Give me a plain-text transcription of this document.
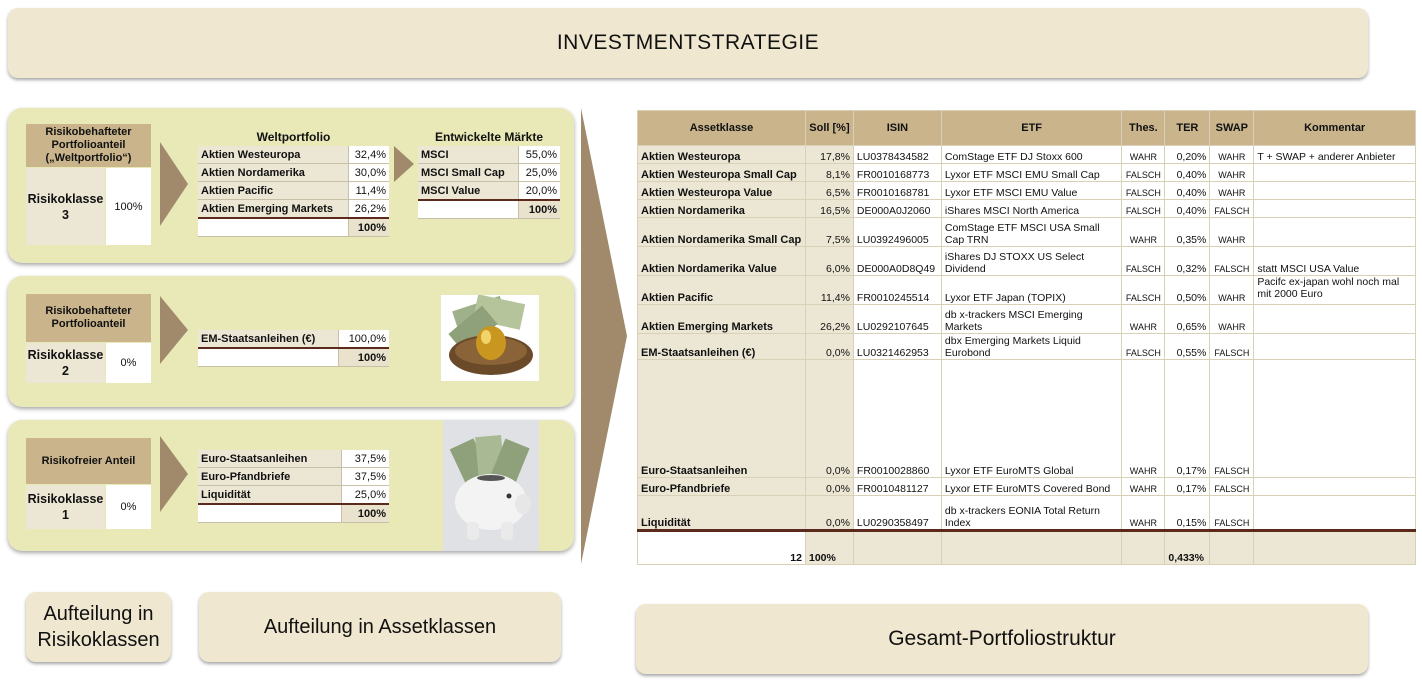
INVESTMENTSTRATEGIE
Risikobehafteter Portfolioanteil („Weltportfolio“)
Risikoklasse 3
100%
Weltportfolio
Aktien Westeuropa	32,4%
Aktien Nordamerika	30,0%
Aktien Pacific	11,4%
Aktien Emerging Markets	26,2%
	100%
Entwickelte Märkte
MSCI	55,0%
MSCI Small Cap	25,0%
MSCI Value	20,0%
	100%
Risikobehafteter Portfolioanteil
Risikoklasse 2
0%
EM-Staatsanleihen (€)	100,0%
	100%
Risikofreier Anteil
Risikoklasse 1
0%
Euro-Staatsanleihen	37,5%
Euro-Pfandbriefe	37,5%
Liquidität	25,0%
	100%
Assetklasse	Soll [%]	ISIN	ETF	Thes.	TER	SWAP	Kommentar
Aktien Westeuropa	17,8%	LU0378434582	ComStage ETF DJ Stoxx 600	WAHR	0,20%	WAHR	T + SWAP + anderer Anbieter
Aktien Westeuropa Small Cap	8,1%	FR0010168773	Lyxor ETF MSCI EMU Small Cap	FALSCH	0,40%	WAHR	
Aktien Westeuropa Value	6,5%	FR0010168781	Lyxor ETF MSCI EMU Value	FALSCH	0,40%	WAHR	
Aktien Nordamerika	16,5%	DE000A0J2060	iShares MSCI North America	FALSCH	0,40%	FALSCH	
Aktien Nordamerika Small Cap	7,5%	LU0392496005	ComStage ETF MSCI USA Small Cap TRN	WAHR	0,35%	WAHR	
Aktien Nordamerika Value	6,0%	DE000A0D8Q49	iShares DJ STOXX US Select Dividend	FALSCH	0,32%	FALSCH	statt MSCI USA Value
Aktien Pacific	11,4%	FR0010245514	Lyxor ETF Japan (TOPIX)	FALSCH	0,50%	WAHR	Pacifc ex-japan wohl noch mal mit 2000 Euro
Aktien Emerging Markets	26,2%	LU0292107645	db x-trackers MSCI Emerging Markets	WAHR	0,65%	WAHR	
EM-Staatsanleihen (€)	0,0%	LU0321462953	dbx Emerging Markets Liquid Eurobond	FALSCH	0,55%	FALSCH	
Euro-Staatsanleihen	0,0%	FR0010028860	Lyxor ETF EuroMTS Global	WAHR	0,17%	FALSCH	
Euro-Pfandbriefe	0,0%	FR0010481127	Lyxor ETF EuroMTS Covered Bond	WAHR	0,17%	FALSCH	
Liquidität	0,0%	LU0290358497	db x-trackers EONIA Total Return Index	WAHR	0,15%	FALSCH	
12	100%				0,433%		
Aufteilung in Risikoklassen
Aufteilung in Assetklassen
Gesamt-Portfoliostruktur
